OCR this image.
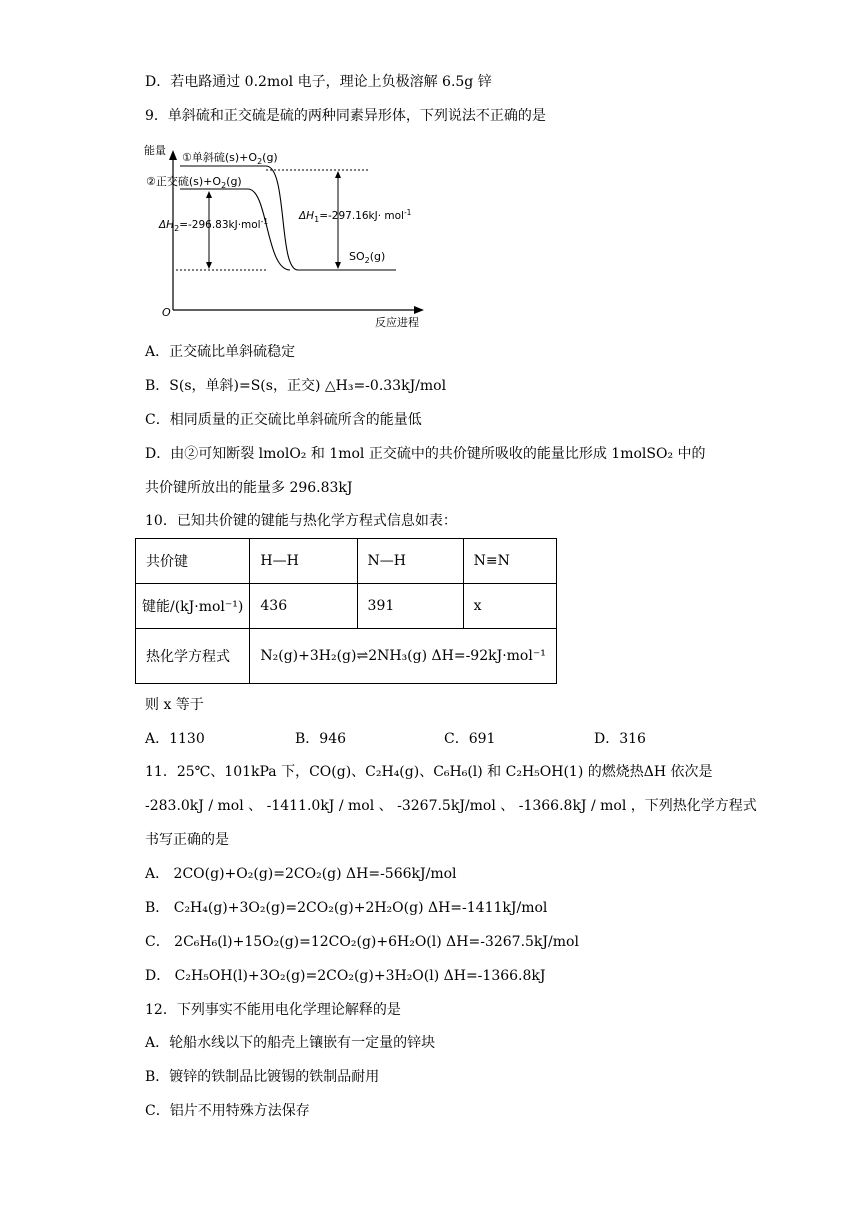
D．若电路通过 0.2mol 电子，理论上负极溶解 6.5g 锌
9．单斜硫和正交硫是硫的两种同素异形体，下列说法不正确的是
能量
反应进程
O
①单斜硫$(s)+O_2(g)$
②正交硫$(s)+O_2(g)$
$\Delta H_2=-296.83kJ\cdot mol^{-1}$	$\Delta H_1=-297.16kJ\cdot mol^{-1}$
$SO_2(g)$
A．正交硫比单斜硫稳定
B．S(s，单斜)=S(s，正交) △H₃=-0.33kJ/mol
C．相同质量的正交硫比单斜硫所含的能量低
D．由②可知断裂 lmolO₂ 和 1mol 正交硫中的共价键所吸收的能量比形成 1molSO₂ 中的
共价键所放出的能量多 296.83kJ
10．已知共价键的键能与热化学方程式信息如表：
共价键	H—H	N—H	N≡N
键能/(kJ·mol⁻¹)	436	391	x
热化学方程式	N₂(g)+3H₂(g)⇌2NH₃(g) ΔH=-92kJ·mol⁻¹		
则 x 等于
A．1130	B．946	C．691	D．316
11．25℃、101kPa 下，CO(g)、C₂H₄(g)、C₆H₆(l) 和 C₂H₅OH(1) 的燃烧热ΔH 依次是
-283.0kJ / mol 、 -1411.0kJ / mol 、 -3267.5kJ/mol 、 -1366.8kJ / mol ，下列热化学方程式
书写正确的是
A． 2CO(g)+O₂(g)=2CO₂(g) ΔH=-566kJ/mol
B． C₂H₄(g)+3O₂(g)=2CO₂(g)+2H₂O(g) ΔH=-1411kJ/mol
C． 2C₆H₆(l)+15O₂(g)=12CO₂(g)+6H₂O(l) ΔH=-3267.5kJ/mol
D． C₂H₅OH(l)+3O₂(g)=2CO₂(g)+3H₂O(l) ΔH=-1366.8kJ
12．下列事实不能用电化学理论解释的是
A．轮船水线以下的船壳上镶嵌有一定量的锌块
B．镀锌的铁制品比镀锡的铁制品耐用
C．铝片不用特殊方法保存
